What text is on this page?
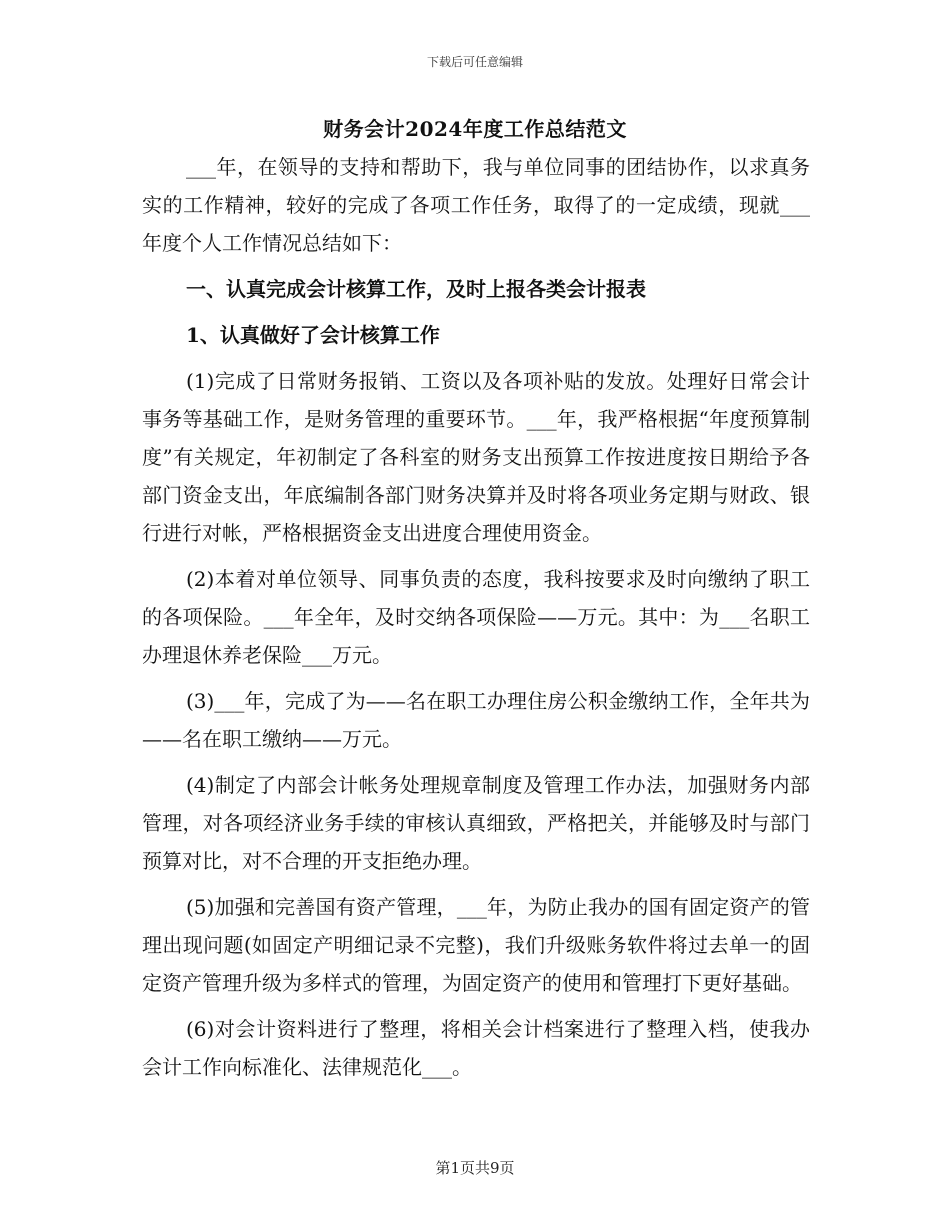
下载后可任意编辑
财务会计2024年度工作总结范文

___年，在领导的支持和帮助下，我与单位同事的团结协作，以求真务实的工作精神，较好的完成了各项工作任务，取得了的一定成绩，现就___年度个人工作情况总结如下：

一、认真完成会计核算工作，及时上报各类会计报表

1、认真做好了会计核算工作

(1)完成了日常财务报销、工资以及各项补贴的发放。处理好日常会计事务等基础工作，是财务管理的重要环节。___年，我严格根据“年度预算制度”有关规定，年初制定了各科室的财务支出预算工作按进度按日期给予各部门资金支出，年底编制各部门财务决算并及时将各项业务定期与财政、银行进行对帐，严格根据资金支出进度合理使用资金。

(2)本着对单位领导、同事负责的态度，我科按要求及时向缴纳了职工的各项保险。___年全年，及时交纳各项保险——万元。其中：为___名职工办理退休养老保险___万元。

(3)___年，完成了为——名在职工办理住房公积金缴纳工作，全年共为——名在职工缴纳——万元。

(4)制定了内部会计帐务处理规章制度及管理工作办法，加强财务内部管理，对各项经济业务手续的审核认真细致，严格把关，并能够及时与部门预算对比，对不合理的开支拒绝办理。

(5)加强和完善国有资产管理，___年，为防止我办的国有固定资产的管理出现问题(如固定产明细记录不完整)，我们升级账务软件将过去单一的固定资产管理升级为多样式的管理，为固定资产的使用和管理打下更好基础。

(6)对会计资料进行了整理，将相关会计档案进行了整理入档，使我办会计工作向标准化、法律规范化___。

第1页共9页
